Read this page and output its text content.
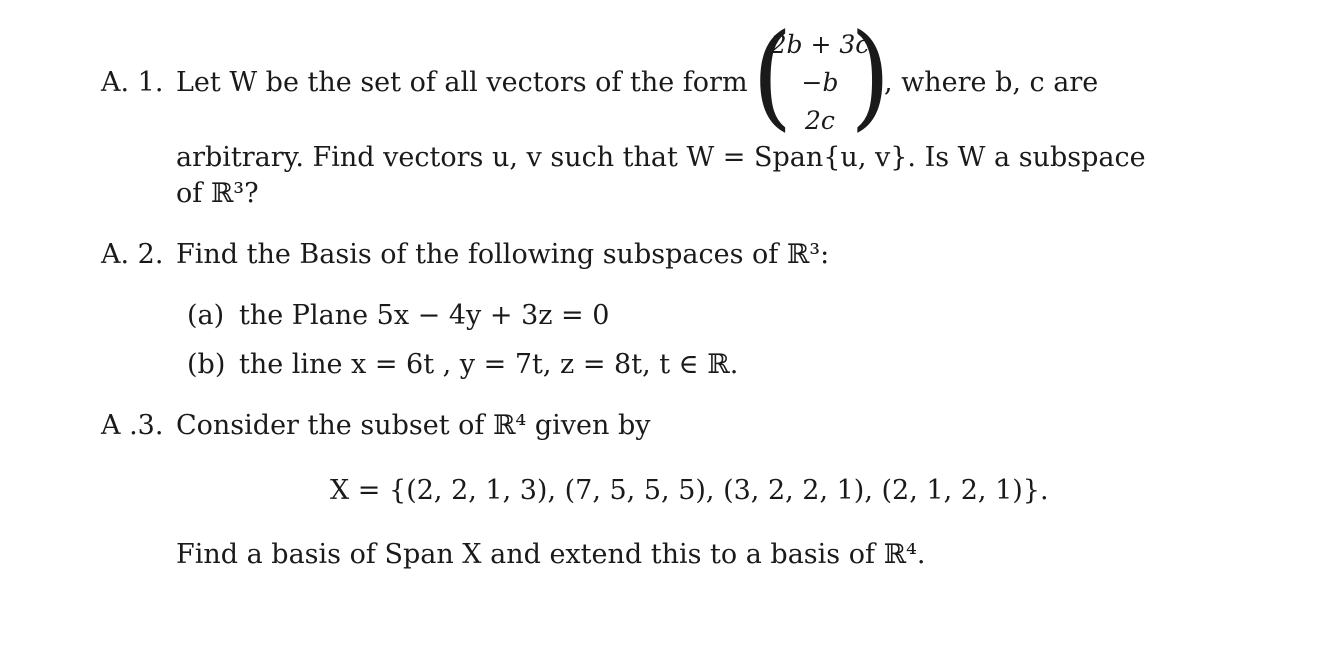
A. 1. Let W be the set of all vectors of the form ( )
2b + 3c
−b
2c
, where b, c are
arbitrary. Find vectors u, v such that W = Span{u, v}. Is W a subspace
of ℝ³?
A. 2. Find the Basis of the following subspaces of ℝ³:
(a) the Plane 5x − 4y + 3z = 0
(b) the line x = 6t , y = 7t, z = 8t, t ∈ ℝ.
A .3. Consider the subset of ℝ⁴ given by
X = {(2, 2, 1, 3), (7, 5, 5, 5), (3, 2, 2, 1), (2, 1, 2, 1)}.
Find a basis of Span X and extend this to a basis of ℝ⁴.
